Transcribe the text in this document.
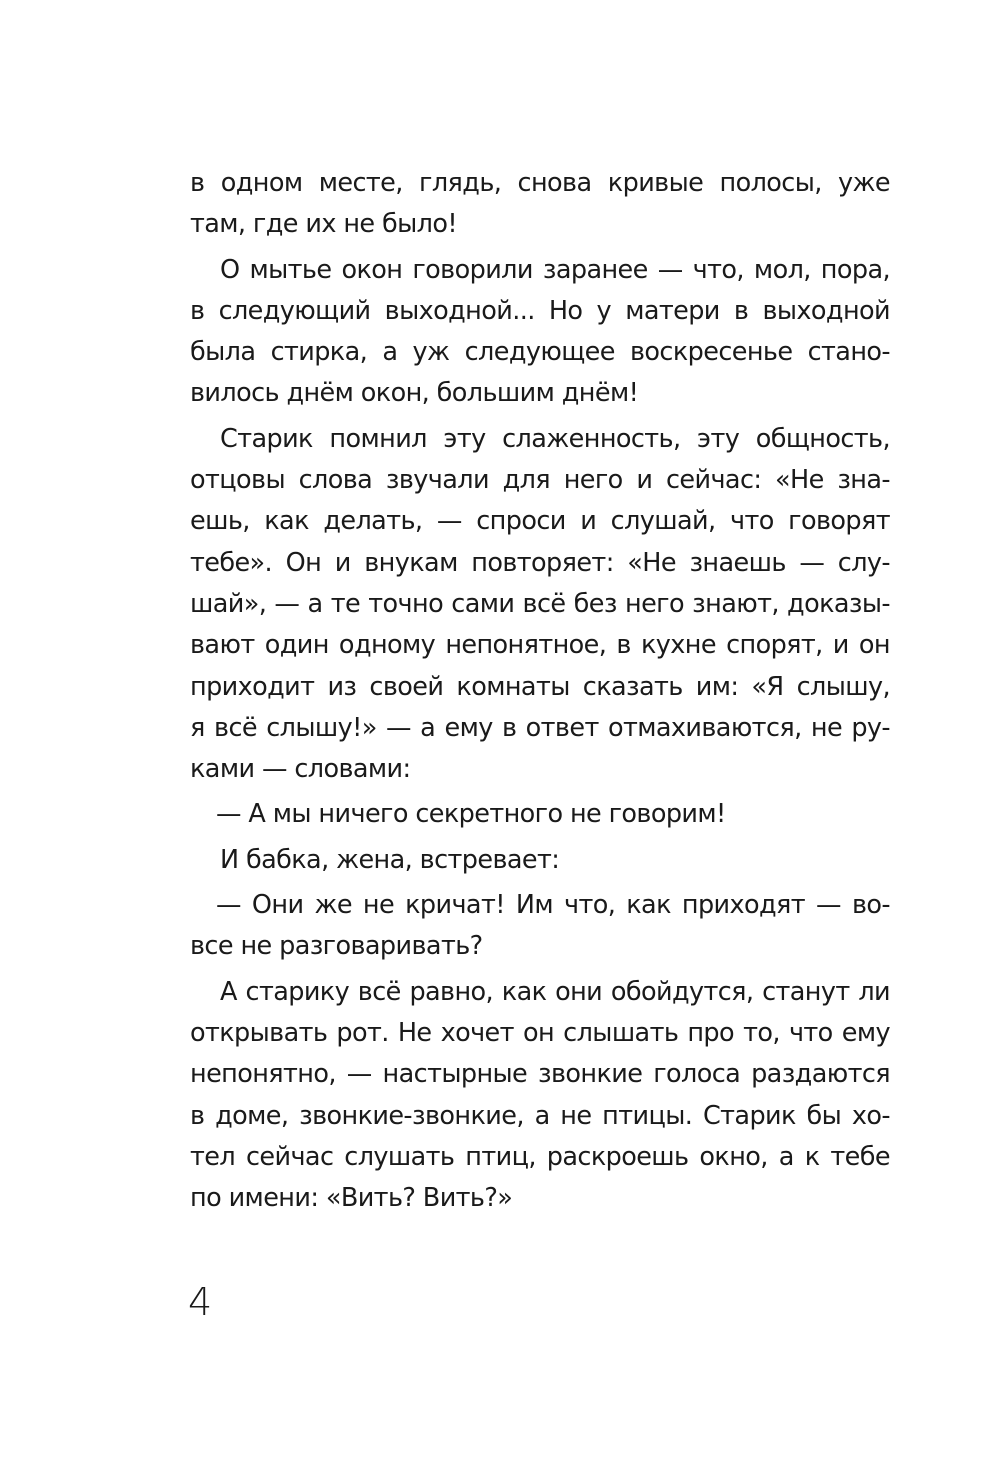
в одном месте, глядь, снова кривые полосы, уже
там, где их не было!
О мытье окон говорили заранее — что, мол, пора,
в следующий выходной... Но у матери в выходной
была стирка, а уж следующее воскресенье стано-
вилось днём окон, большим днём!
Старик помнил эту слаженность, эту общность,
отцовы слова звучали для него и сейчас: «Не зна-
ешь, как делать, — спроси и слушай, что говорят
тебе». Он и внукам повторяет: «Не знаешь — слу-
шай», — а те точно сами всё без него знают, доказы-
вают один одному непонятное, в кухне спорят, и он
приходит из своей комнаты сказать им: «Я слышу,
я всё слышу!» — а ему в ответ отмахиваются, не ру-
ками — словами:
— А мы ничего секретного не говорим!
И бабка, жена, встревает:
— Они же не кричат! Им что, как приходят — во-
все не разговаривать?
А старику всё равно, как они обойдутся, станут ли
открывать рот. Не хочет он слышать про то, что ему
непонятно, — настырные звонкие голоса раздаются
в доме, звонкие-звонкие, а не птицы. Старик бы хо-
тел сейчас слушать птиц, раскроешь окно, а к тебе
по имени: «Вить? Вить?»
4
